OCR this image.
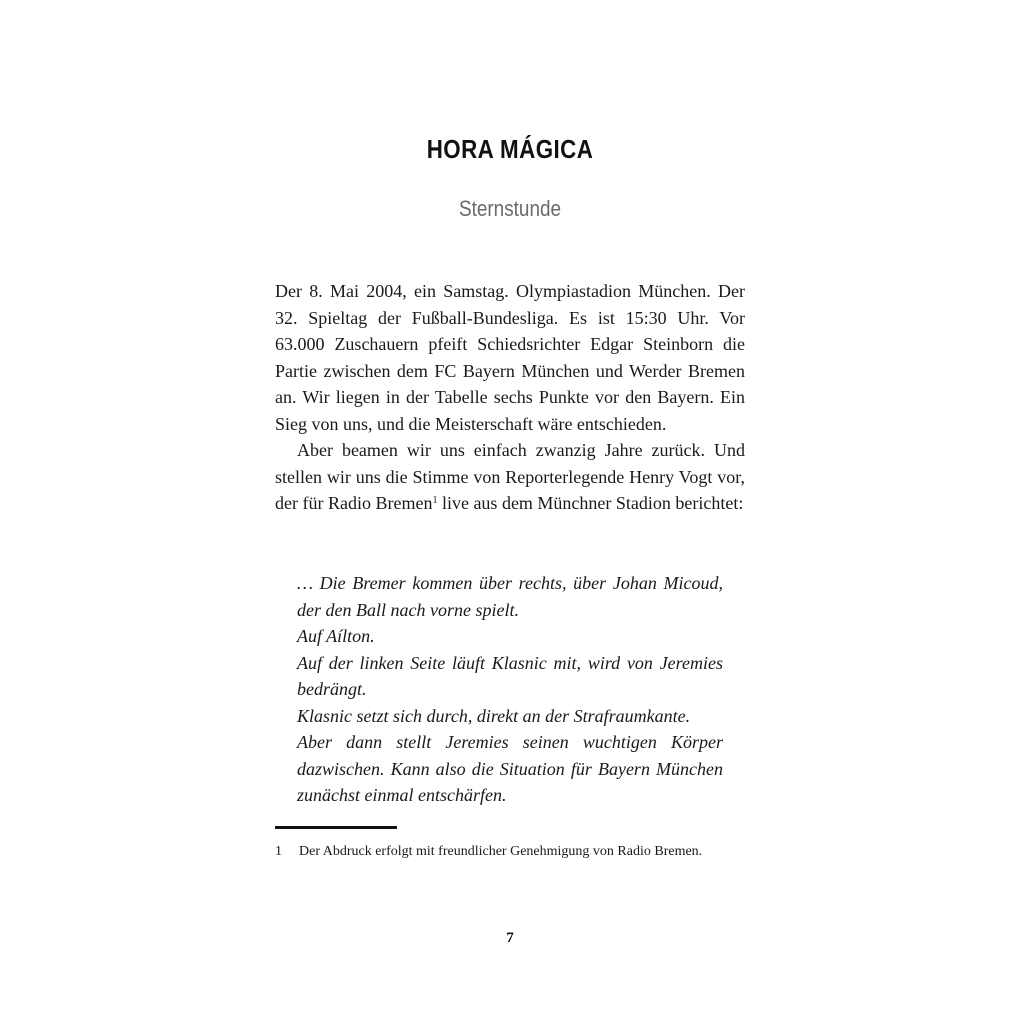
HORA MÁGICA
Sternstunde

Der 8. Mai 2004, ein Samstag. Olympiastadion München. Der 32. Spieltag der Fußball-Bundesliga. Es ist 15:30 Uhr. Vor 63.000 Zuschauern pfeift Schiedsrichter Edgar Steinborn die Partie zwischen dem FC Bayern München und Werder Bremen an. Wir liegen in der Tabelle sechs Punkte vor den Bayern. Ein Sieg von uns, und die Meisterschaft wäre entschieden.

Aber beamen wir uns einfach zwanzig Jahre zurück. Und stellen wir uns die Stimme von Reporterlegende Henry Vogt vor, der für Radio Bremen$^1$ live aus dem Münchner Stadion berichtet:

… Die Bremer kommen über rechts, über Johan Micoud, der den Ball nach vorne spielt.
Auf Aílton.
Auf der linken Seite läuft Klasnic mit, wird von Jeremies bedrängt.
Klasnic setzt sich durch, direkt an der Strafraumkante.
Aber dann stellt Jeremies seinen wuchtigen Körper dazwischen. Kann also die Situation für Bayern München zunächst einmal entschärfen.
1 Der Abdruck erfolgt mit freundlicher Genehmigung von Radio Bremen.
7
